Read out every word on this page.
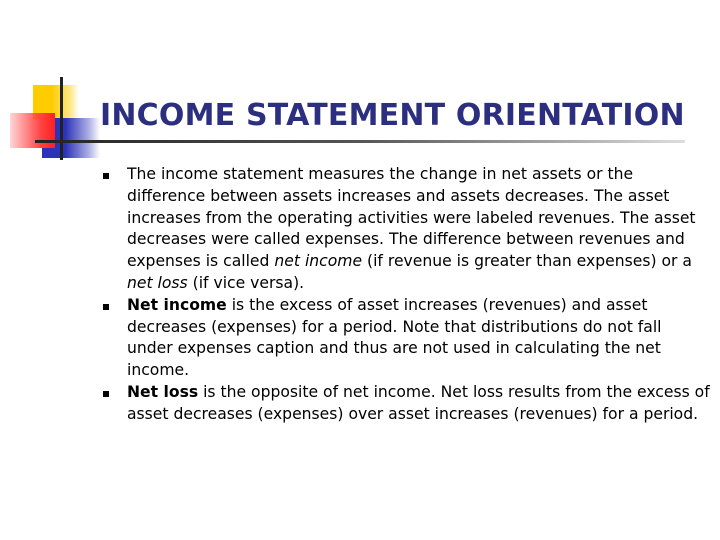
INCOME STATEMENT ORIENTATION
The income statement measures the change in net assets or the difference between assets increases and assets decreases. The asset increases from the operating activities were labeled revenues. The asset decreases were called expenses. The difference between revenues and expenses is called net income (if revenue is greater than expenses) or a net loss (if vice versa).
Net income is the excess of asset increases (revenues) and asset decreases (expenses) for a period. Note that distributions do not fall under expenses caption and thus are not used in calculating the net income.
Net loss is the opposite of net income. Net loss results from the excess of asset decreases (expenses) over asset increases (revenues) for a period.
